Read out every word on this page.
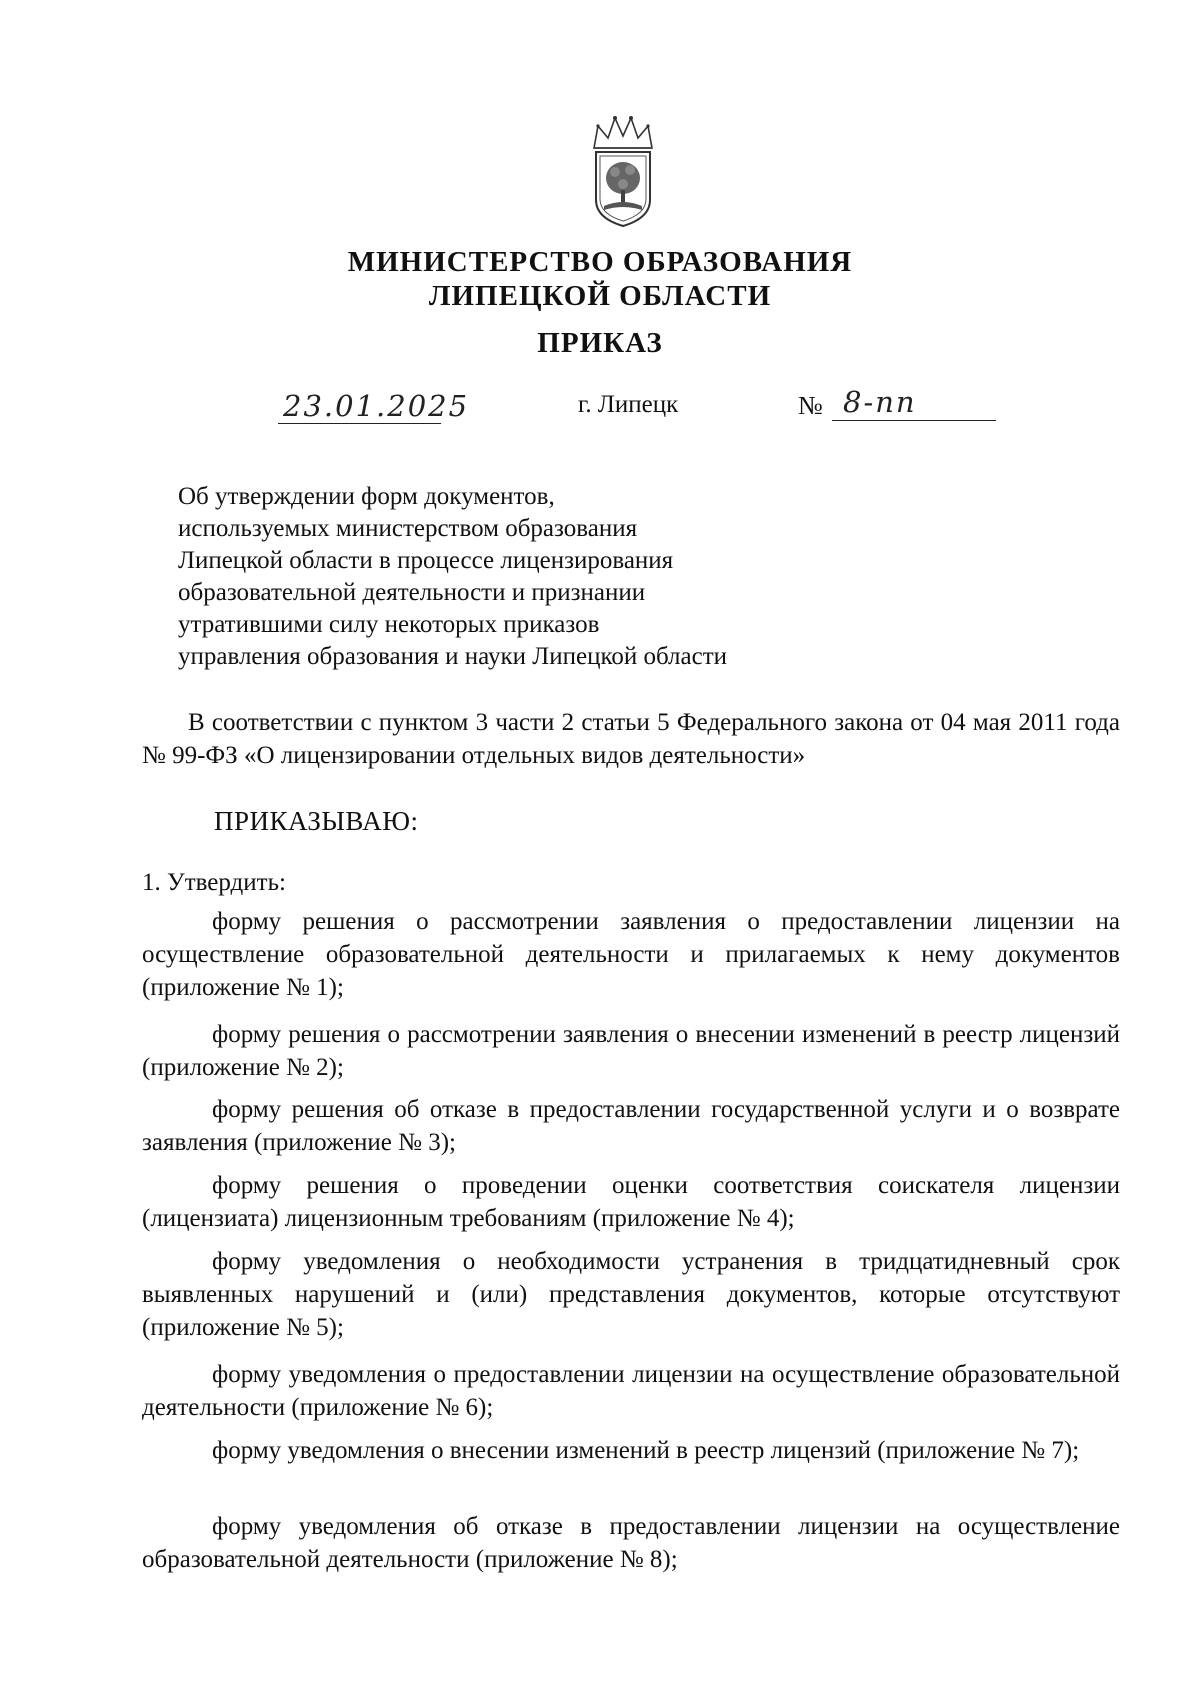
МИНИСТЕРСТВО ОБРАЗОВАНИЯ
ЛИПЕЦКОЙ ОБЛАСТИ
ПРИКАЗ
23.01.2025	г. Липецк	№ 8-пп
Об утверждении форм документов,
используемых министерством образования
Липецкой области в процессе лицензирования
образовательной деятельности и признании
утратившими силу некоторых приказов
управления образования и науки Липецкой области
В соответствии с пунктом 3 части 2 статьи 5 Федерального закона от 04 мая 2011 года № 99-ФЗ «О лицензировании отдельных видов деятельности»
ПРИКАЗЫВАЮ:
1. Утвердить:
форму решения о рассмотрении заявления о предоставлении лицензии на осуществление образовательной деятельности и прилагаемых к нему документов (приложение № 1);
форму решения о рассмотрении заявления о внесении изменений в реестр лицензий (приложение № 2);
форму решения об отказе в предоставлении государственной услуги и о возврате заявления (приложение № 3);
форму решения о проведении оценки соответствия соискателя лицензии (лицензиата) лицензионным требованиям (приложение № 4);
форму уведомления о необходимости устранения в тридцатидневный срок выявленных нарушений и (или) представления документов, которые отсутствуют (приложение № 5);
форму уведомления о предоставлении лицензии на осуществление образовательной деятельности (приложение № 6);
форму уведомления о внесении изменений в реестр лицензий (приложение № 7);
форму уведомления об отказе в предоставлении лицензии на осуществление образовательной деятельности (приложение № 8);
